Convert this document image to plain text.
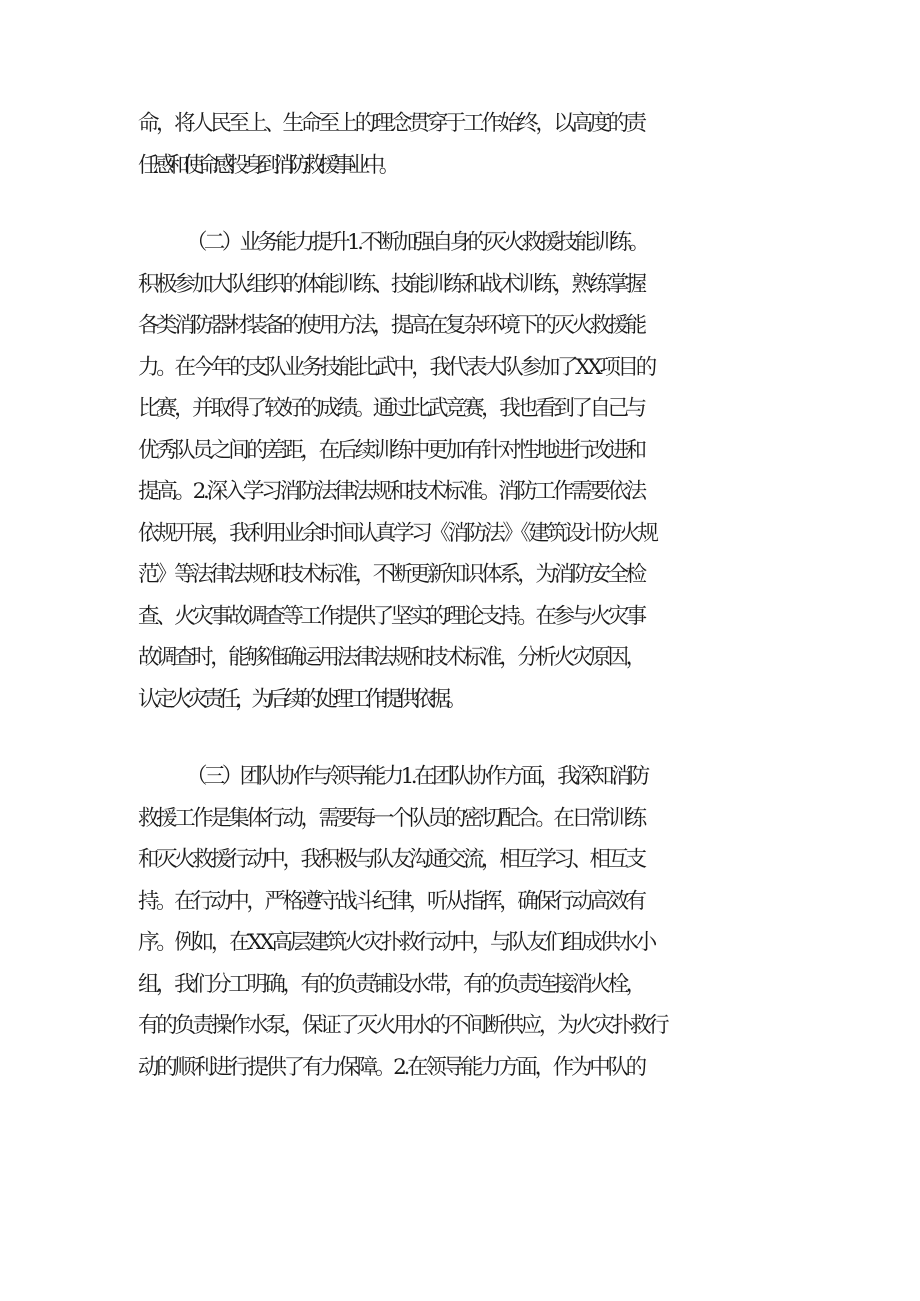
命，将人民至上、生命至上的理念贯穿于工作始终，以高度的责
任感和使命感投身到消防救援事业中。
（二）业务能力提升1.不断加强自身的灭火救援技能训练。
积极参加大队组织的体能训练、技能训练和战术训练，熟练掌握
各类消防器材装备的使用方法，提高在复杂环境下的灭火救援能
力。在今年的支队业务技能比武中，我代表大队参加了XX项目的
比赛，并取得了较好的成绩。通过比武竞赛，我也看到了自己与
优秀队员之间的差距，在后续训练中更加有针对性地进行改进和
提高。2.深入学习消防法律法规和技术标准。消防工作需要依法
依规开展，我利用业余时间认真学习《消防法》《建筑设计防火规
范》等法律法规和技术标准，不断更新知识体系，为消防安全检
查、火灾事故调查等工作提供了坚实的理论支持。在参与火灾事
故调查时，能够准确运用法律法规和技术标准，分析火灾原因，
认定火灾责任，为后续的处理工作提供依据。
（三）团队协作与领导能力1.在团队协作方面，我深知消防
救援工作是集体行动，需要每一个队员的密切配合。在日常训练
和灭火救援行动中，我积极与队友沟通交流，相互学习、相互支
持。在行动中，严格遵守战斗纪律，听从指挥，确保行动高效有
序。例如，在XX高层建筑火灾扑救行动中，与队友们组成供水小
组，我们分工明确，有的负责铺设水带，有的负责连接消火栓，
有的负责操作水泵，保证了灭火用水的不间断供应，为火灾扑救行
动的顺利进行提供了有力保障。2.在领导能力方面，作为中队的
